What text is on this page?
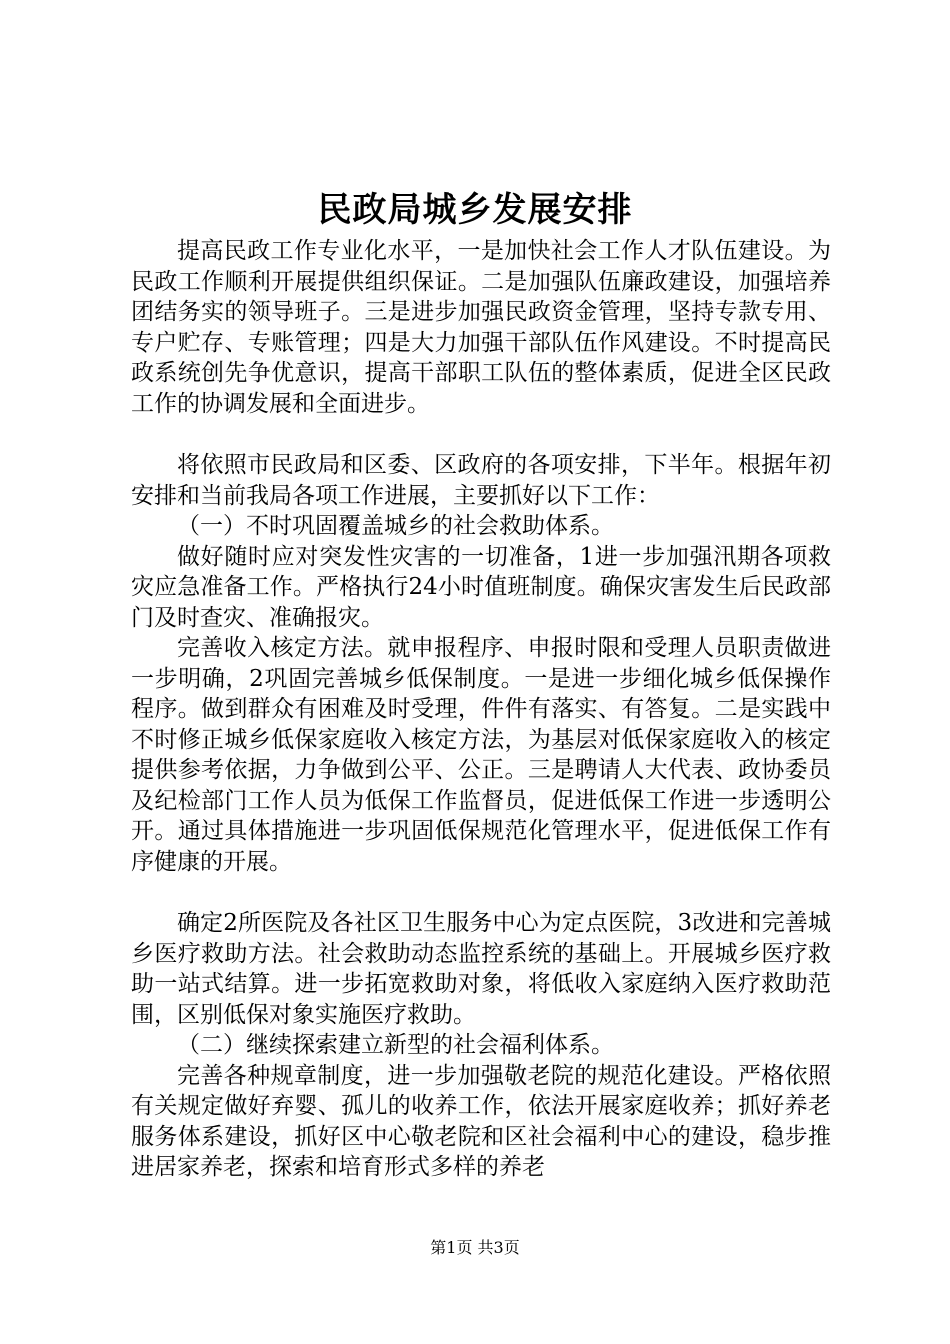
民政局城乡发展安排

提高民政工作专业化水平，一是加快社会工作人才队伍建设。为民政工作顺利开展提供组织保证。二是加强队伍廉政建设，加强培养团结务实的领导班子。三是进步加强民政资金管理，坚持专款专用、专户贮存、专账管理；四是大力加强干部队伍作风建设。不时提高民政系统创先争优意识，提高干部职工队伍的整体素质，促进全区民政工作的协调发展和全面进步。

将依照市民政局和区委、区政府的各项安排，下半年。根据年初安排和当前我局各项工作进展，主要抓好以下工作：

（一）不时巩固覆盖城乡的社会救助体系。

做好随时应对突发性灾害的一切准备，1进一步加强汛期各项救灾应急准备工作。严格执行24小时值班制度。确保灾害发生后民政部门及时查灾、准确报灾。

完善收入核定方法。就申报程序、申报时限和受理人员职责做进一步明确，2巩固完善城乡低保制度。一是进一步细化城乡低保操作程序。做到群众有困难及时受理，件件有落实、有答复。二是实践中不时修正城乡低保家庭收入核定方法，为基层对低保家庭收入的核定提供参考依据，力争做到公平、公正。三是聘请人大代表、政协委员及纪检部门工作人员为低保工作监督员，促进低保工作进一步透明公开。通过具体措施进一步巩固低保规范化管理水平，促进低保工作有序健康的开展。

确定2所医院及各社区卫生服务中心为定点医院，3改进和完善城乡医疗救助方法。社会救助动态监控系统的基础上。开展城乡医疗救助一站式结算。进一步拓宽救助对象，将低收入家庭纳入医疗救助范围，区别低保对象实施医疗救助。

（二）继续探索建立新型的社会福利体系。

完善各种规章制度，进一步加强敬老院的规范化建设。严格依照有关规定做好弃婴、孤儿的收养工作，依法开展家庭收养；抓好养老服务体系建设，抓好区中心敬老院和区社会福利中心的建设，稳步推进居家养老，探索和培育形式多样的养老

第1页 共3页
